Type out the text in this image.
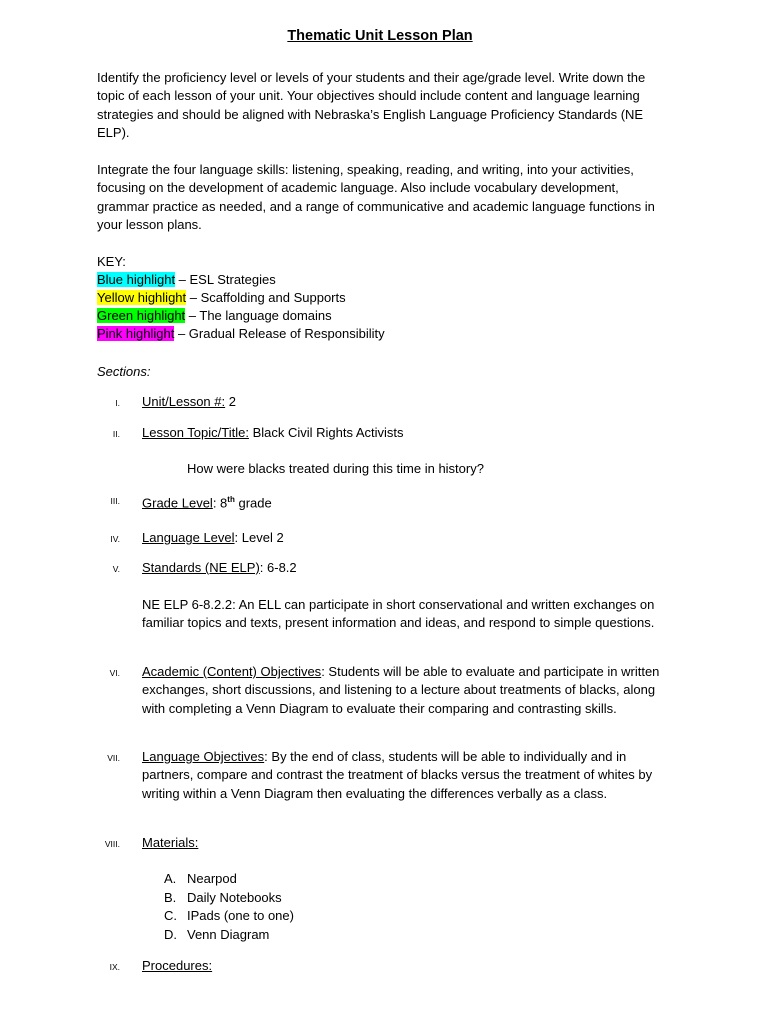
Thematic Unit Lesson Plan

Identify the proficiency level or levels of your students and their age/grade level. Write down the topic of each lesson of your unit. Your objectives should include content and language learning strategies and should be aligned with Nebraska’s English Language Proficiency Standards (NE ELP).

Integrate the four language skills: listening, speaking, reading, and writing, into your activities, focusing on the development of academic language. Also include vocabulary development, grammar practice as needed, and a range of communicative and academic language functions in your lesson plans.

KEY:
Blue highlight – ESL Strategies
Yellow highlight – Scaffolding and Supports
Green highlight – The language domains
Pink highlight – Gradual Release of Responsibility
Sections:
I. Unit/Lesson #: 2
II. Lesson Topic/Title: Black Civil Rights Activists
How were blacks treated during this time in history?
III. Grade Level: 8th grade
IV. Language Level: Level 2
V. Standards (NE ELP): 6-8.2
NE ELP 6-8.2.2: An ELL can participate in short conservational and written exchanges on familiar topics and texts, present information and ideas, and respond to simple questions.
VI. Academic (Content) Objectives: Students will be able to evaluate and participate in written exchanges, short discussions, and listening to a lecture about treatments of blacks, along with completing a Venn Diagram to evaluate their comparing and contrasting skills.
VII. Language Objectives: By the end of class, students will be able to individually and in partners, compare and contrast the treatment of blacks versus the treatment of whites by writing within a Venn Diagram then evaluating the differences verbally as a class.
VIII. Materials:
A. Nearpod
B. Daily Notebooks
C. IPads (one to one)
D. Venn Diagram
IX. Procedures:
